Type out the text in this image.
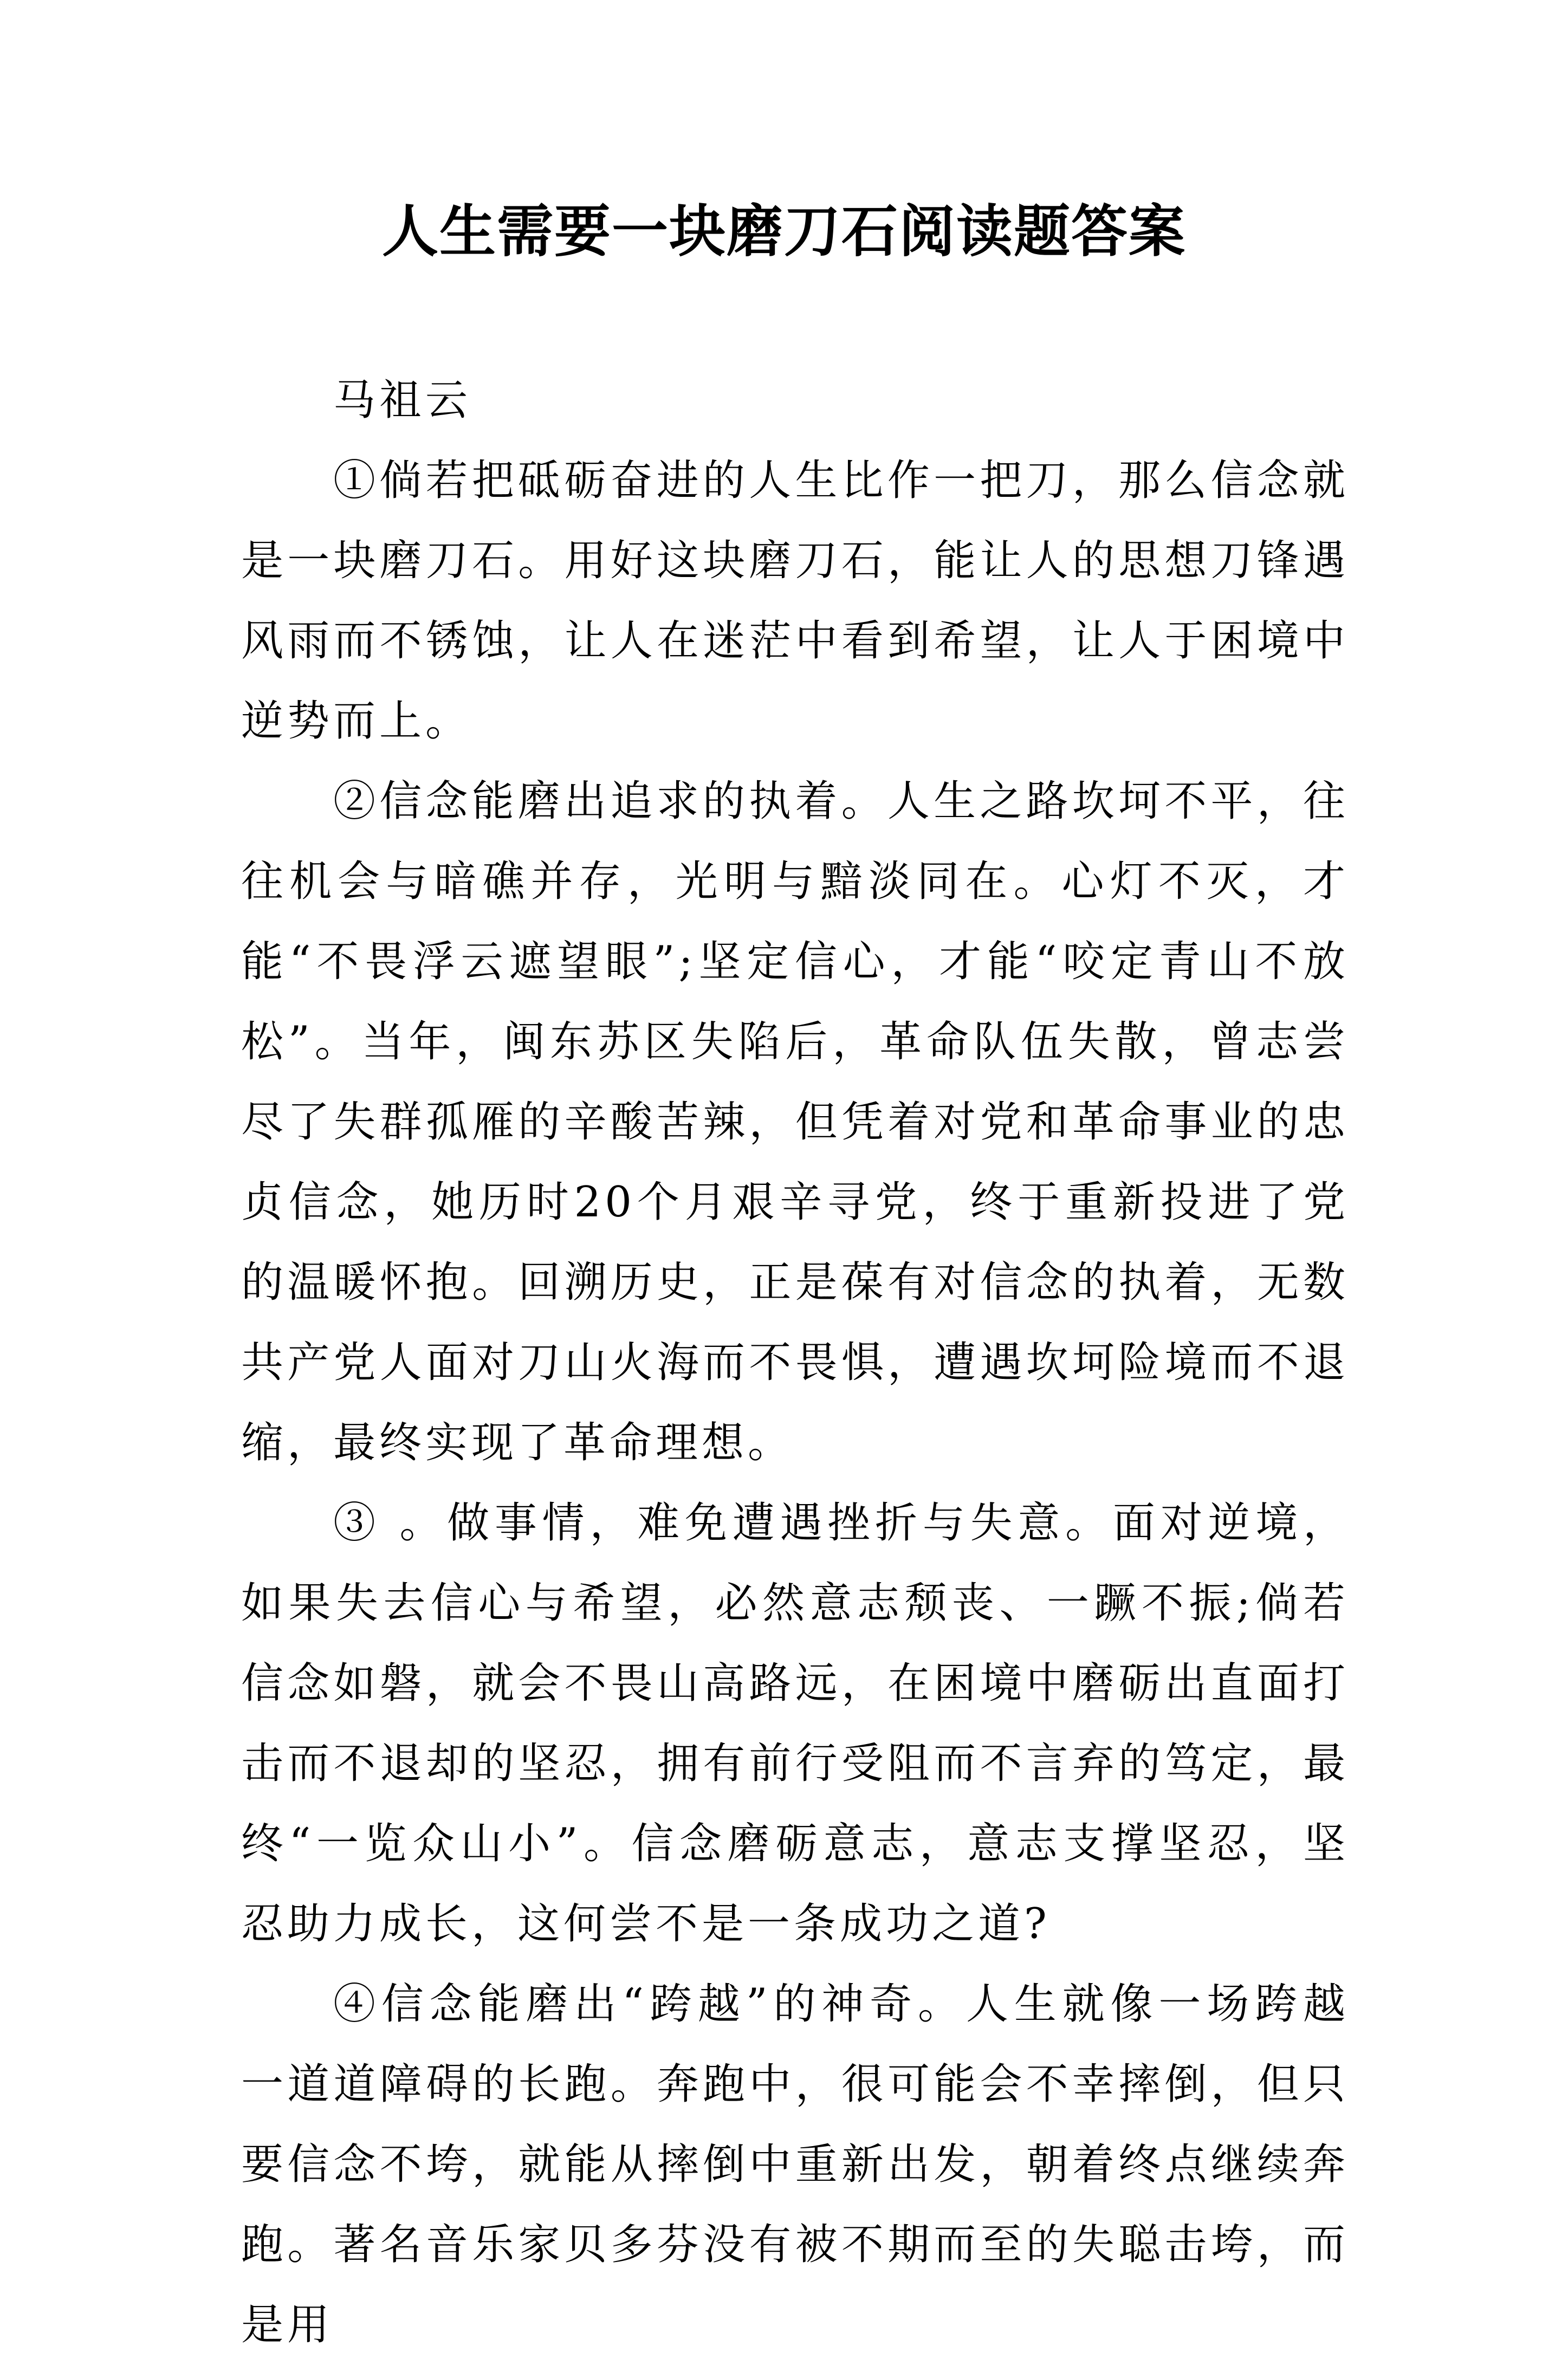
人生需要一块磨刀石阅读题答案

马祖云

①倘若把砥砺奋进的人生比作一把刀，那么信念就是一块磨刀石。用好这块磨刀石，能让人的思想刀锋遇风雨而不锈蚀，让人在迷茫中看到希望，让人于困境中逆势而上。

②信念能磨出追求的执着。人生之路坎坷不平，往往机会与暗礁并存，光明与黯淡同在。心灯不灭，才能“不畏浮云遮望眼”;坚定信心，才能“咬定青山不放松”。当年，闽东苏区失陷后，革命队伍失散，曾志尝尽了失群孤雁的辛酸苦辣，但凭着对党和革命事业的忠贞信念，她历时20个月艰辛寻党，终于重新投进了党的温暖怀抱。回溯历史，正是葆有对信念的执着，无数共产党人面对刀山火海而不畏惧，遭遇坎坷险境而不退缩，最终实现了革命理想。

③ 。做事情，难免遭遇挫折与失意。面对逆境，如果失去信心与希望，必然意志颓丧、一蹶不振;倘若信念如磐，就会不畏山高路远，在困境中磨砺出直面打击而不退却的坚忍，拥有前行受阻而不言弃的笃定，最终“一览众山小”。信念磨砺意志，意志支撑坚忍，坚忍助力成长，这何尝不是一条成功之道?

④信念能磨出“跨越”的神奇。人生就像一场跨越一道道障碍的长跑。奔跑中，很可能会不幸摔倒，但只要信念不垮，就能从摔倒中重新出发，朝着终点继续奔跑。著名音乐家贝多芬没有被不期而至的失聪击垮，而是用
